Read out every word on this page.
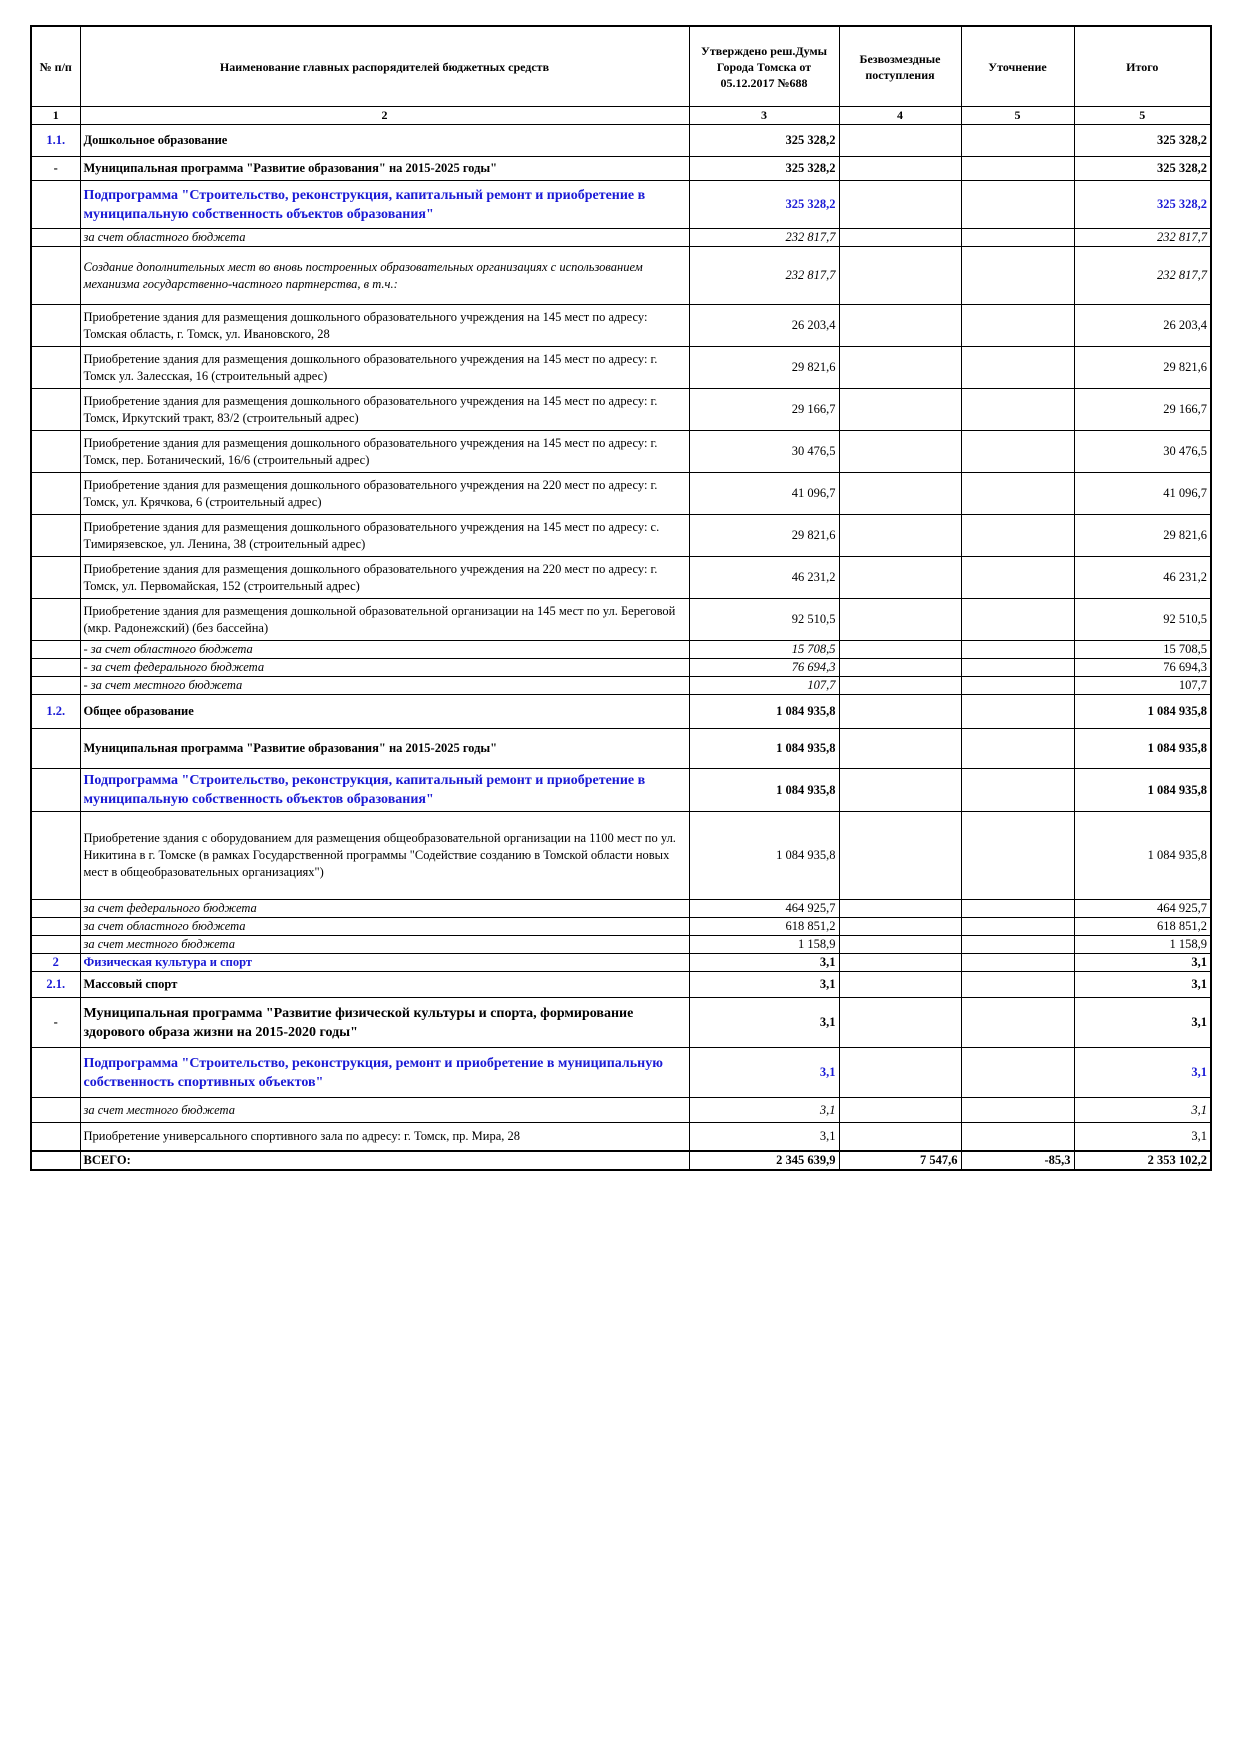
№ п/п	Наименование главных распорядителей бюджетных средств	Утверждено реш.Думы Города Томска от 05.12.2017 №688	Безвозмездные поступления	Уточнение	Итого
1	2	3	4	5	5
1.1.	Дошкольное образование	325 328,2			325 328,2
-	Муниципальная программа "Развитие образования" на 2015-2025 годы"	325 328,2			325 328,2
	Подпрограмма "Строительство, реконструкция, капитальный ремонт и приобретение в муниципальную собственность объектов образования"	325 328,2			325 328,2
	за счет областного бюджета	232 817,7			232 817,7
	Создание дополнительных мест во вновь построенных образовательных организациях с использованием механизма государственно-частного партнерства, в т.ч.:	232 817,7			232 817,7
	Приобретение здания для размещения дошкольного образовательного учреждения на 145 мест по адресу: Томская область, г. Томск, ул. Ивановского, 28	26 203,4			26 203,4
	Приобретение здания для размещения дошкольного образовательного учреждения на 145 мест по адресу: г. Томск ул. Залесская, 16 (строительный адрес)	29 821,6			29 821,6
	Приобретение здания для размещения дошкольного образовательного учреждения на 145 мест по адресу: г. Томск, Иркутский тракт, 83/2 (строительный адрес)	29 166,7			29 166,7
	Приобретение здания для размещения дошкольного образовательного учреждения на 145 мест по адресу: г. Томск, пер. Ботанический, 16/6 (строительный адрес)	30 476,5			30 476,5
	Приобретение здания для размещения дошкольного образовательного учреждения на 220 мест по адресу: г. Томск, ул. Крячкова, 6 (строительный адрес)	41 096,7			41 096,7
	Приобретение здания для размещения дошкольного образовательного учреждения на 145 мест по адресу: с. Тимирязевское, ул. Ленина, 38 (строительный адрес)	29 821,6			29 821,6
	Приобретение здания для размещения дошкольного образовательного учреждения на 220 мест по адресу: г. Томск, ул. Первомайская, 152 (строительный адрес)	46 231,2			46 231,2
	Приобретение здания для размещения дошкольной образовательной организации на 145 мест по ул. Береговой (мкр. Радонежский) (без бассейна)	92 510,5			92 510,5
	- за счет областного бюджета	15 708,5			15 708,5
	- за счет федерального бюджета	76 694,3			76 694,3
	- за счет местного бюджета	107,7			107,7
1.2.	Общее образование	1 084 935,8			1 084 935,8
	Муниципальная программа "Развитие образования" на 2015-2025 годы"	1 084 935,8			1 084 935,8
	Подпрограмма "Строительство, реконструкция, капитальный ремонт и приобретение в муниципальную собственность объектов образования"	1 084 935,8			1 084 935,8
	Приобретение здания с оборудованием для размещения общеобразовательной организации на 1100 мест по ул. Никитина в г. Томске (в рамках Государственной программы "Содействие созданию в Томской области новых мест в общеобразовательных организациях")	1 084 935,8			1 084 935,8
	за счет федерального бюджета	464 925,7			464 925,7
	за счет областного бюджета	618 851,2			618 851,2
	за счет местного бюджета	1 158,9			1 158,9
2	Физическая культура и спорт	3,1			3,1
2.1.	Массовый спорт	3,1			3,1
-	Муниципальная программа "Развитие физической культуры и спорта, формирование здорового образа жизни на 2015-2020 годы"	3,1			3,1
	Подпрограмма "Строительство, реконструкция, ремонт и приобретение в муниципальную собственность спортивных объектов"	3,1			3,1
	за счет местного бюджета	3,1			3,1
	Приобретение универсального спортивного зала по адресу: г. Томск, пр. Мира, 28	3,1			3,1
	ВСЕГО:	2 345 639,9	7 547,6	-85,3	2 353 102,2
